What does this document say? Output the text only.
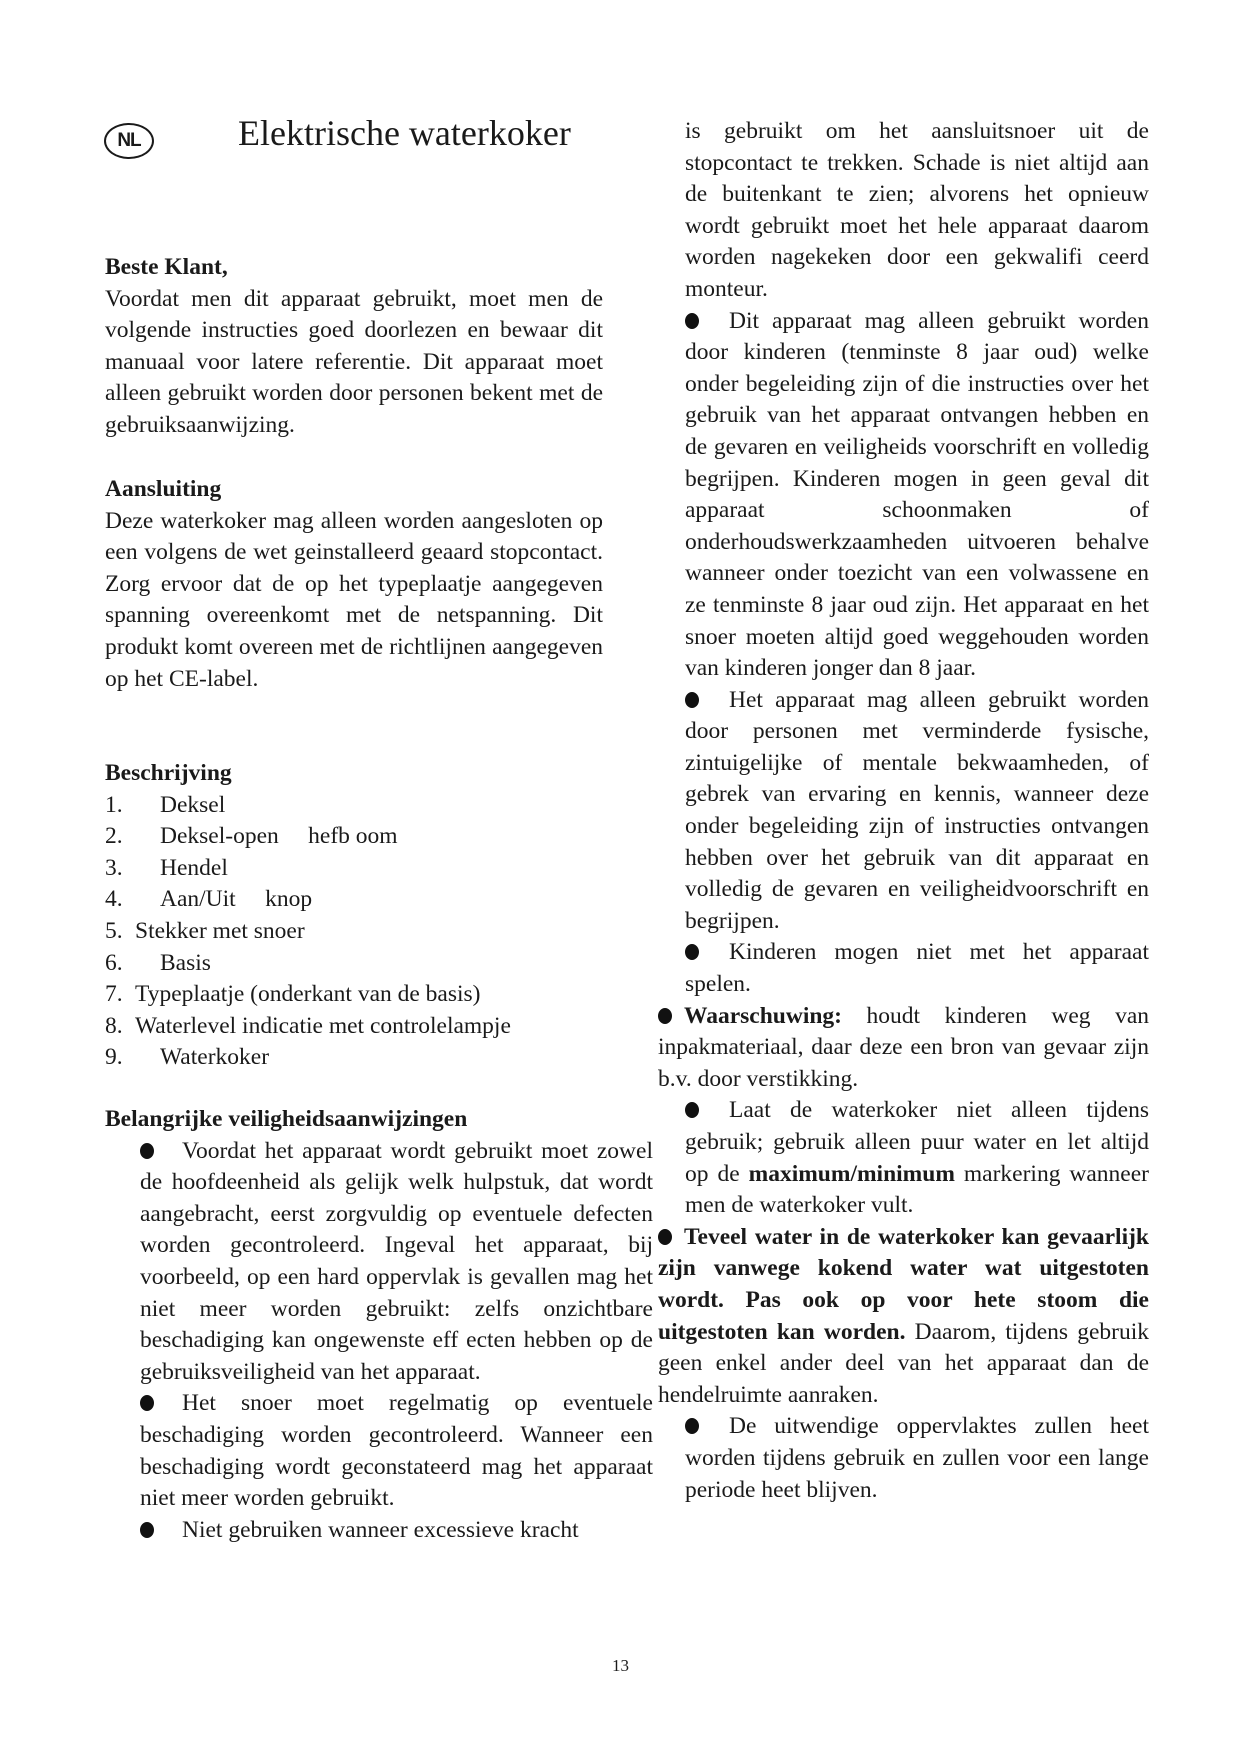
NL	Elektrische waterkoker
Beste Klant,

Voordat men dit apparaat gebruikt, moet men de volgende instructies goed doorlezen en bewaar dit manuaal voor latere referentie. Dit apparaat moet alleen gebruikt worden door personen bekent met de gebruiksaanwijzing.

Aansluiting

Deze waterkoker mag alleen worden aangesloten op een volgens de wet geinstalleerd geaard stopcontact. Zorg ervoor dat de op het typeplaatje aangegeven spanning overeenkomt met de netspanning. Dit produkt komt overeen met de richtlijnen aangegeven op het CE-label.

Beschrijving
1.	Deksel
2.	Deksel-open     hefb oom
3.	Hendel
4.	Aan/Uit     knop
5. Stekker met snoer
6.	Basis
7. Typeplaatje (onderkant van de basis)
8. Waterlevel indicatie met controlelampje
9.	Waterkoker
Belangrijke veiligheidsaanwijzingen

Voordat het apparaat wordt gebruikt moet zowel de hoofdeenheid als gelijk welk hulpstuk, dat wordt aangebracht, eerst zorgvuldig op eventuele defecten worden gecontroleerd. Ingeval het apparaat, bij voorbeeld, op een hard oppervlak is gevallen mag het niet meer worden gebruikt: zelfs onzichtbare beschadiging kan ongewenste eff ecten hebben op de gebruiksveiligheid van het apparaat.

Het snoer moet regelmatig op eventuele beschadiging worden gecontroleerd. Wanneer een beschadiging wordt geconstateerd mag het apparaat niet meer worden gebruikt.

Niet gebruiken wanneer excessieve kracht

is gebruikt om het aansluitsnoer uit de stopcontact te trekken. Schade is niet altijd aan de buitenkant te zien; alvorens het opnieuw wordt gebruikt moet het hele apparaat daarom worden nagekeken door een gekwalifi ceerd monteur.

Dit apparaat mag alleen gebruikt worden door kinderen (tenminste 8 jaar oud) welke onder begeleiding zijn of die instructies over het gebruik van het apparaat ontvangen hebben en de gevaren en veiligheids voorschrift en volledig begrijpen. Kinderen mogen in geen geval dit apparaat schoonmaken of onderhoudswerkzaamheden uitvoeren behalve wanneer onder toezicht van een volwassene en ze tenminste 8 jaar oud zijn. Het apparaat en het snoer moeten altijd goed weggehouden worden van kinderen jonger dan 8 jaar.

Het apparaat mag alleen gebruikt worden door personen met verminderde fysische, zintuigelijke of mentale bekwaamheden, of gebrek van ervaring en kennis, wanneer deze onder begeleiding zijn of instructies ontvangen hebben over het gebruik van dit apparaat en volledig de gevaren en veiligheidvoorschrift en begrijpen.

Kinderen mogen niet met het apparaat spelen.

Waarschuwing: houdt kinderen weg van inpakmateriaal, daar deze een bron van gevaar zijn b.v. door verstikking.

Laat de waterkoker niet alleen tijdens gebruik; gebruik alleen puur water en let altijd op de maximum/minimum markering wanneer men de waterkoker vult.

Teveel water in de waterkoker kan gevaarlijk zijn vanwege kokend water wat uitgestoten wordt. Pas ook op voor hete stoom die uitgestoten kan worden. Daarom, tijdens gebruik geen enkel ander deel van het apparaat dan de hendelruimte aanraken.

De uitwendige oppervlaktes zullen heet worden tijdens gebruik en zullen voor een lange periode heet blijven.

13
